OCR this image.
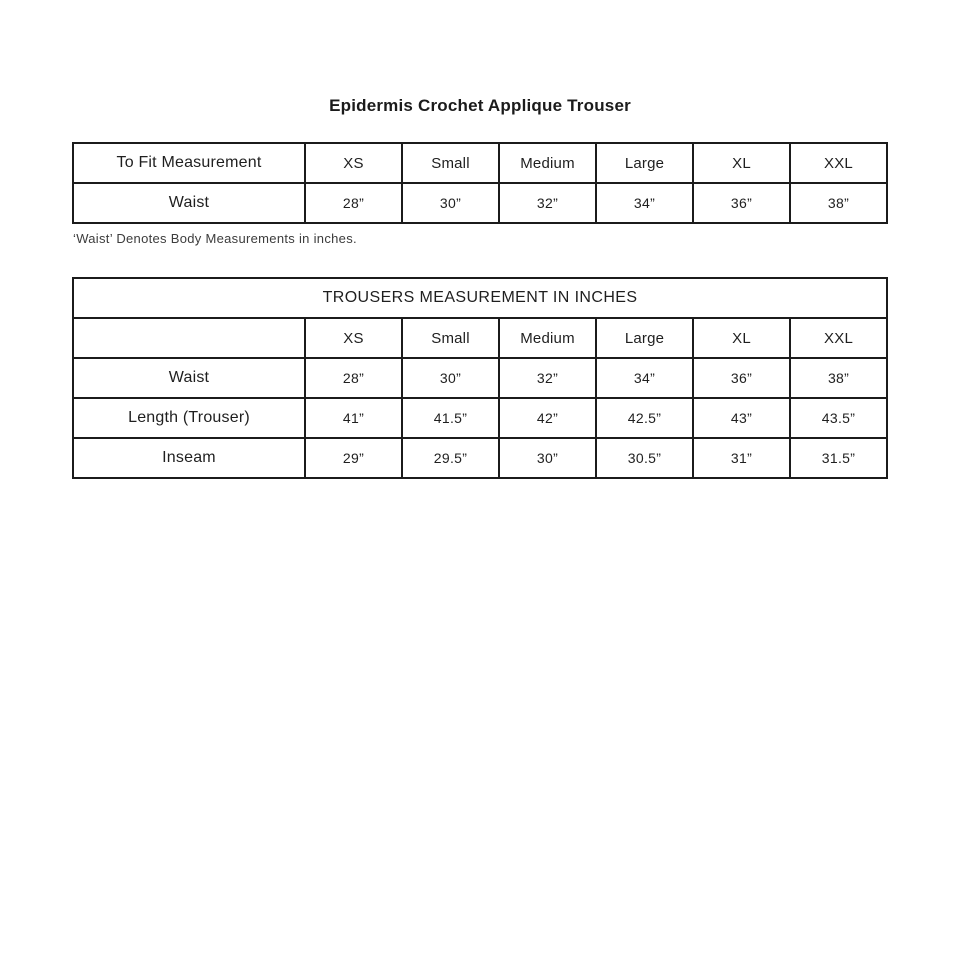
Epidermis Crochet Applique Trouser
To Fit Measurement	XS	Small	Medium	Large	XL	XXL
Waist	28”	30”	32”	34”	36”	38”
‘Waist’ Denotes Body Measurements in inches.
TROUSERS MEASUREMENT IN INCHES						
	XS	Small	Medium	Large	XL	XXL
Waist	28”	30”	32”	34”	36”	38”
Length (Trouser)	41”	41.5”	42”	42.5”	43”	43.5”
Inseam	29”	29.5”	30”	30.5”	31”	31.5”
